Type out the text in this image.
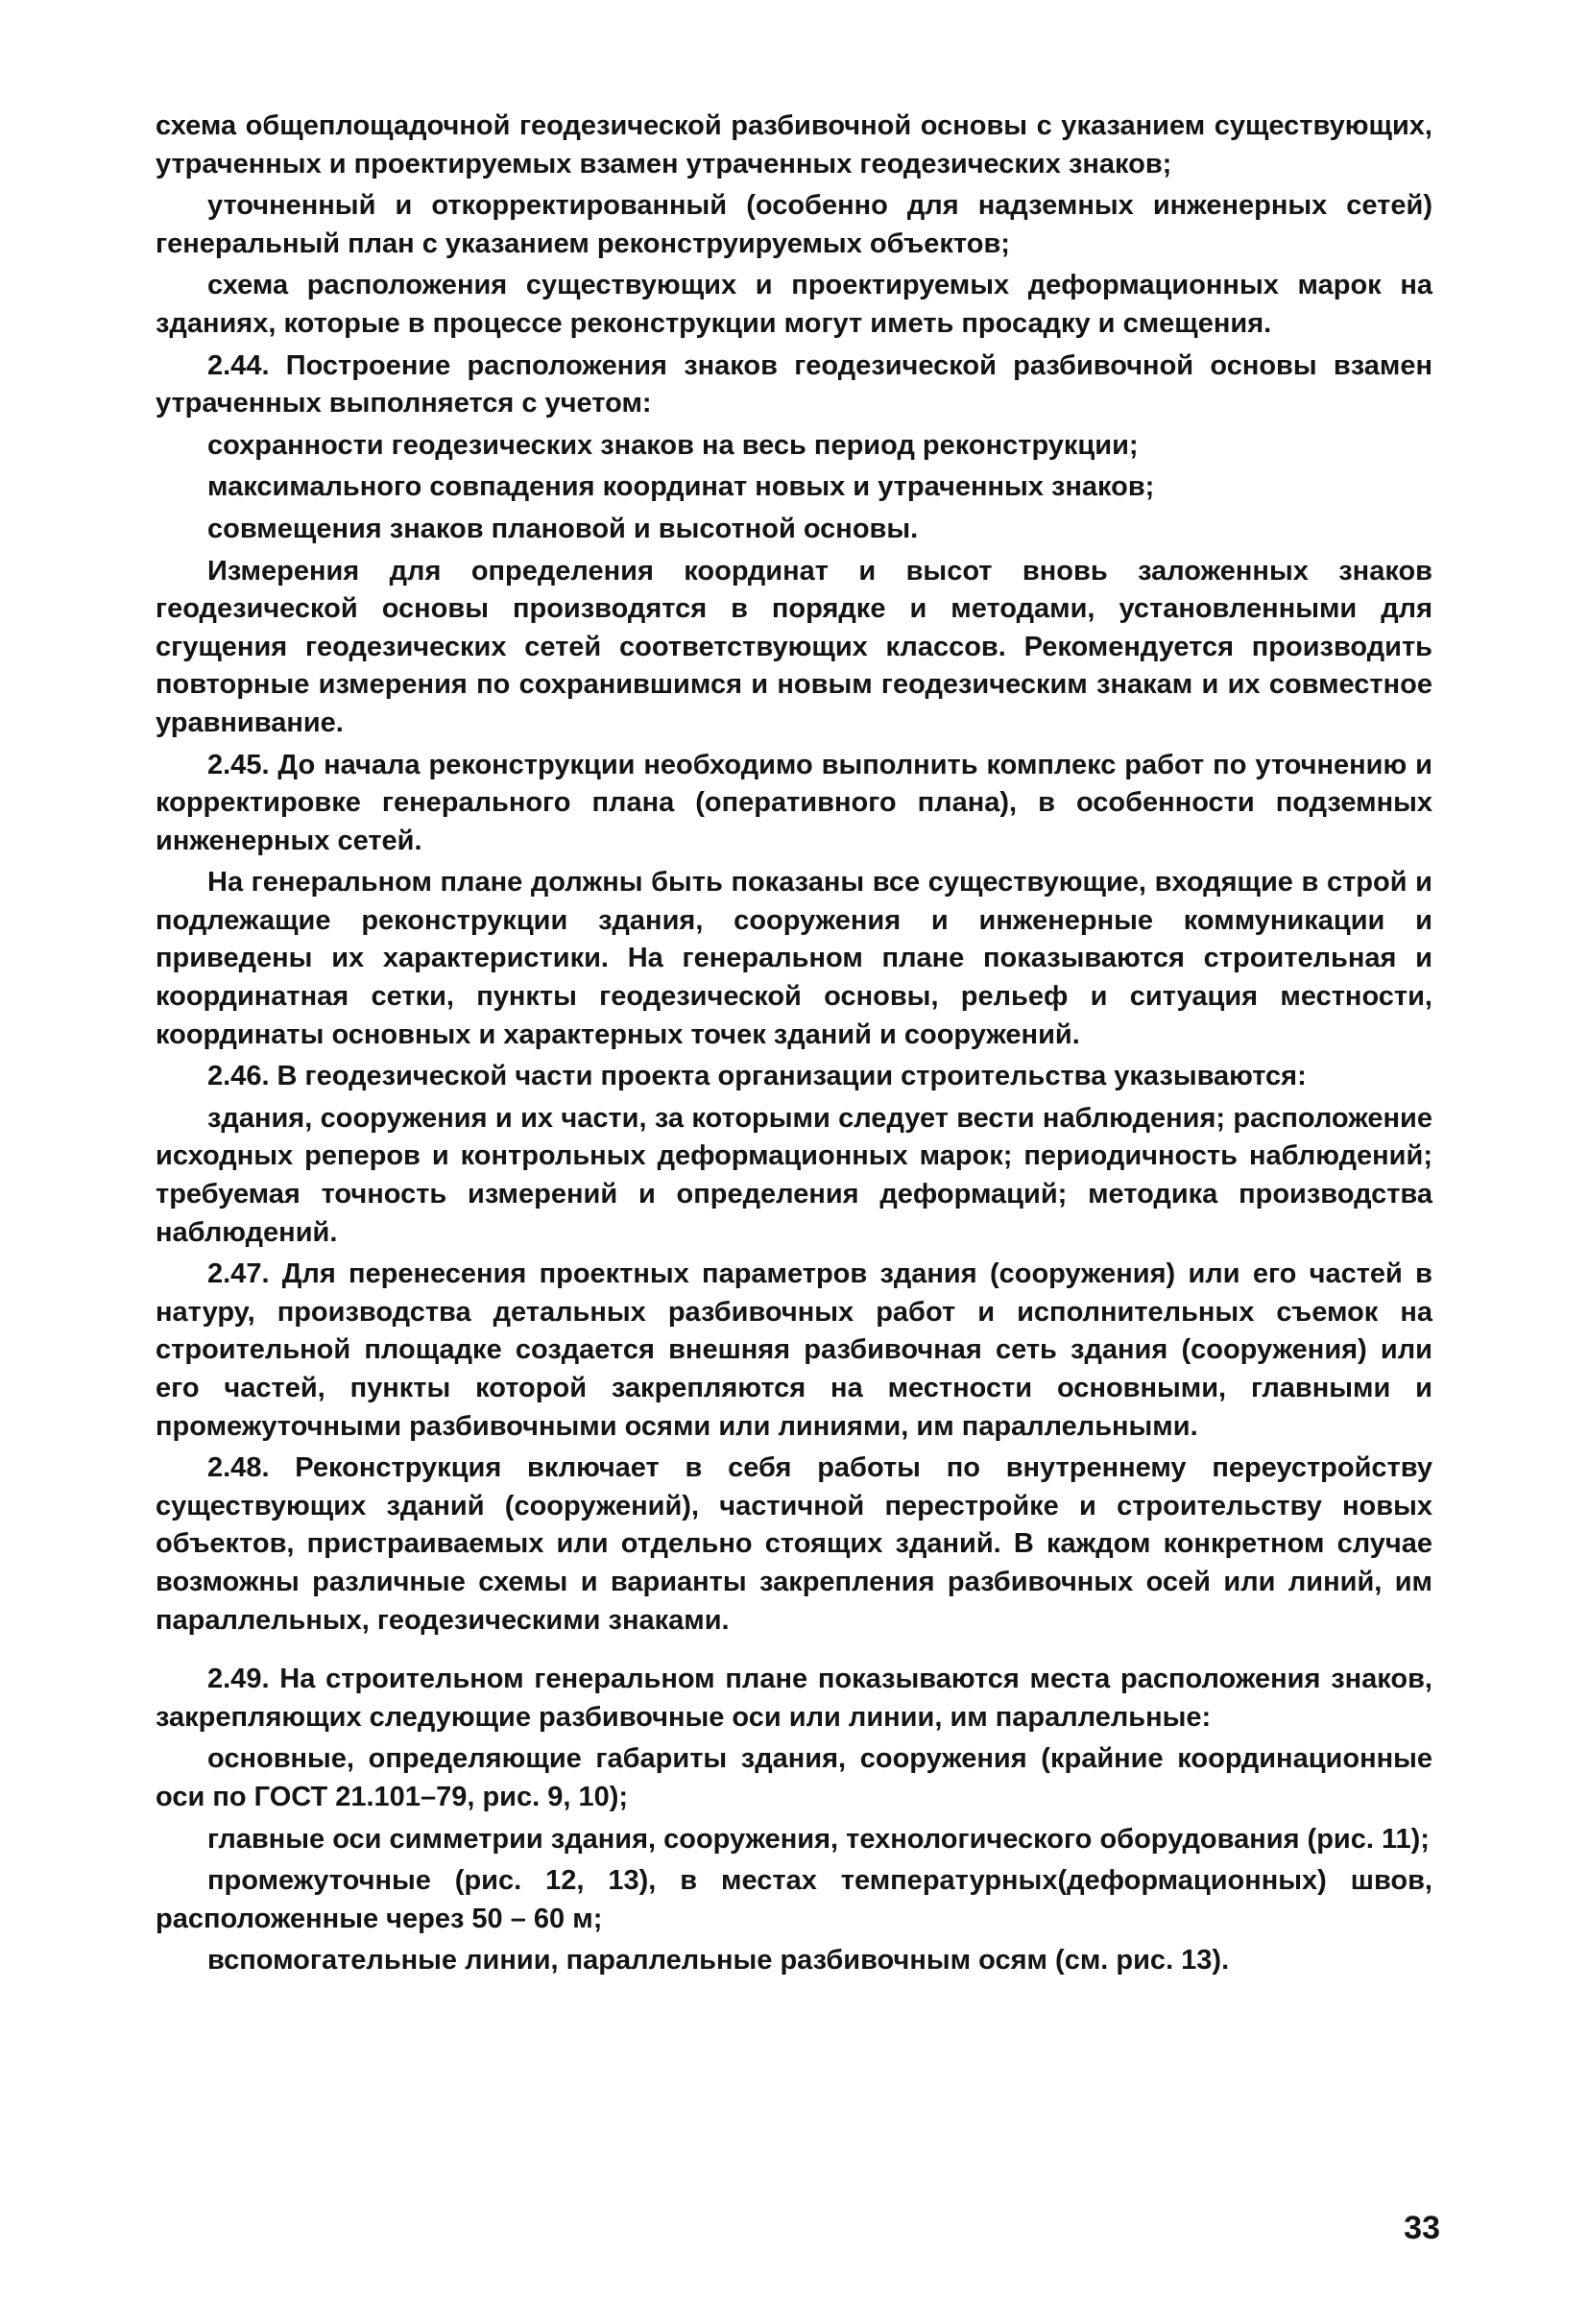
схема общеплощадочной геодезической разбивочной основы с указанием существующих, утраченных и проектируемых взамен утраченных геодезических знаков;

уточненный и откорректированный (особенно для надземных инженерных сетей) генеральный план с указанием реконструируемых объектов;

схема расположения существующих и проектируемых деформационных марок на зданиях, которые в процессе реконструкции могут иметь просадку и смещения.

2.44. Построение расположения знаков геодезической разбивочной основы взамен утраченных выполняется с учетом:

сохранности геодезических знаков на весь период реконструкции;

максимального совпадения координат новых и утраченных знаков;

совмещения знаков плановой и высотной основы.

Измерения для определения координат и высот вновь заложенных знаков геодезической основы производятся в порядке и методами, установленными для сгущения геодезических сетей соответствующих классов. Рекомендуется производить повторные измерения по сохранившимся и новым геодезическим знакам и их совместное уравнивание.

2.45. До начала реконструкции необходимо выполнить комплекс работ по уточнению и корректировке генерального плана (оперативного плана), в особенности подземных инженерных сетей.

На генеральном плане должны быть показаны все существующие, входящие в строй и подлежащие реконструкции здания, сооружения и инженерные коммуникации и приведены их характеристики. На генеральном плане показываются строительная и координатная сетки, пункты геодезической основы, рельеф и ситуация местности, координаты основных и характерных точек зданий и сооружений.

2.46. В геодезической части проекта организации строительства указываются:

здания, сооружения и их части, за которыми следует вести наблюдения; расположение исходных реперов и контрольных деформационных марок; периодичность наблюдений; требуемая точность измерений и определения деформаций; методика производства наблюдений.

2.47. Для перенесения проектных параметров здания (сооружения) или его частей в натуру, производства детальных разбивочных работ и исполнительных съемок на строительной площадке создается внешняя разбивочная сеть здания (сооружения) или его частей, пункты которой закрепляются на местности основными, главными и промежуточными разбивочными осями или линиями, им параллельными.

2.48. Реконструкция включает в себя работы по внутреннему переустройству существующих зданий (сооружений), частичной перестройке и строительству новых объектов, пристраиваемых или отдельно стоящих зданий. В каждом конкретном случае возможны различные схемы и варианты закрепления разбивочных осей или линий, им параллельных, геодезическими знаками.

2.49. На строительном генеральном плане показываются места расположения знаков, закрепляющих следующие разбивочные оси или линии, им параллельные:

основные, определяющие габариты здания, сооружения (крайние координационные оси по ГОСТ 21.101–79, рис. 9, 10);

главные оси симметрии здания, сооружения, технологического оборудования (рис. 11);

промежуточные (рис. 12, 13), в местах температурных(деформационных) швов, расположенные через 50 – 60 м;

вспомогательные линии, параллельные разбивочным осям (см. рис. 13).

33
